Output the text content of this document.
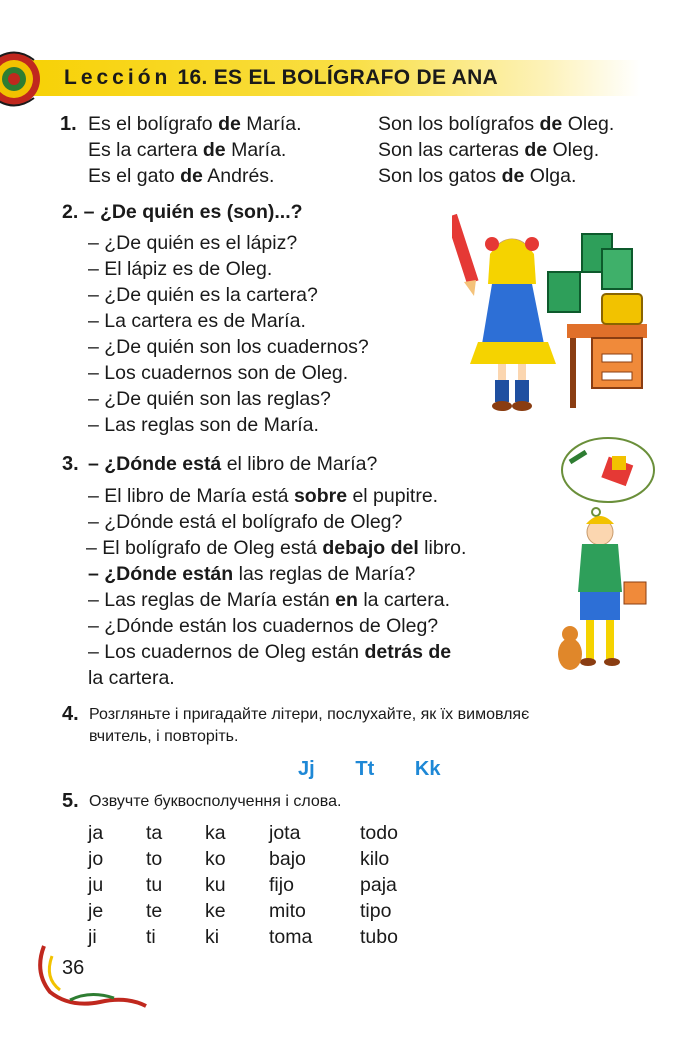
Lección 16. ES EL BOLÍGRAFO DE ANA
1. Es el bolígrafo de María.
Es la cartera de María.
Es el gato de Andrés.
Son los bolígrafos de Oleg.
Son las carteras de Oleg.
Son los gatos de Olga.
2. – ¿De quién es (son)...?
– ¿De quién es el lápiz?
– El lápiz es de Oleg.
– ¿De quién es la cartera?
– La cartera es de María.
– ¿De quién son los cuadernos?
– Los cuadernos son de Oleg.
– ¿De quién son las reglas?
– Las reglas son de María.
3. – ¿Dónde está el libro de María?
– El libro de María está sobre el pupitre.
– ¿Dónde está el bolígrafo de Oleg?
– El bolígrafo de Oleg está debajo del libro.
– ¿Dónde están las reglas de María?
– Las reglas de María están en la cartera.
– ¿Dónde están los cuadernos de Oleg?
– Los cuadernos de Oleg están detrás de
la cartera.
4. Розгляньте і пригадайте літери, послухайте, як їх вимовляє
вчитель, і повторіть.
Jj   Tt   Kk
5. Озвучте буквосполучення і слова.
ja
jo
ju
je
ji
ta
to
tu
te
ti
ka
ko
ku
ke
ki
jota
bajo
fijo
mito
toma
todo
kilo
paja
tipo
tubo
36
